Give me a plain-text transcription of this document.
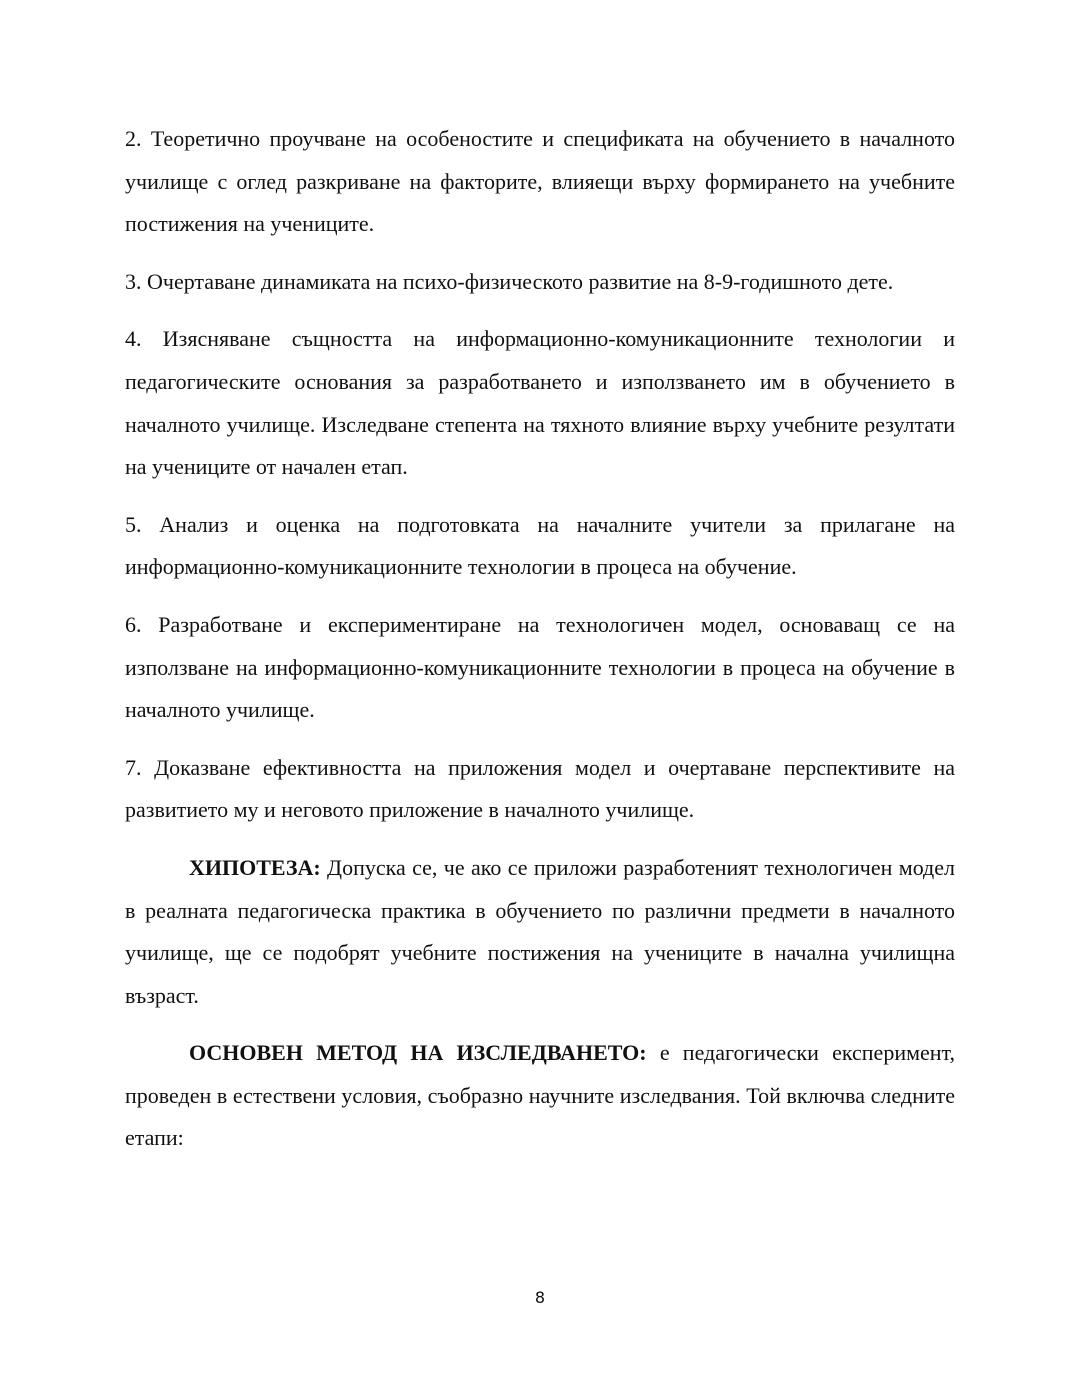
2. Теоретично проучване на особеностите и спецификата на обучението в началното училище с оглед разкриване на факторите, влияещи върху формирането на учебните постижения на учениците.

3. Очертаване динамиката на психо-физическото развитие на 8-9-годишното дете.

4. Изясняване същността на информационно-комуникационните технологии и педагогическите основания за разработването и използването им в обучението в началното училище. Изследване степента на тяхното влияние върху учебните резултати на учениците от начален етап.

5. Анализ и оценка на подготовката на началните учители за прилагане на информационно-комуникационните технологии в процеса на обучение.

6. Разработване и експериментиране на технологичен модел, основаващ се на използване на информационно-комуникационните технологии в процеса на обучение в началното училище.

7. Доказване ефективността на приложения модел и очертаване перспективите на развитието му и неговото приложение в началното училище.

ХИПОТЕЗА: Допуска се, че ако се приложи разработеният технологичен модел в реалната педагогическа практика в обучението по различни предмети в началното училище, ще се подобрят учебните постижения на учениците в начална училищна възраст.

ОСНОВЕН МЕТОД НА ИЗСЛЕДВАНЕТО: е педагогически експеримент, проведен в естествени условия, съобразно научните изследвания. Той включва следните етапи:

8
